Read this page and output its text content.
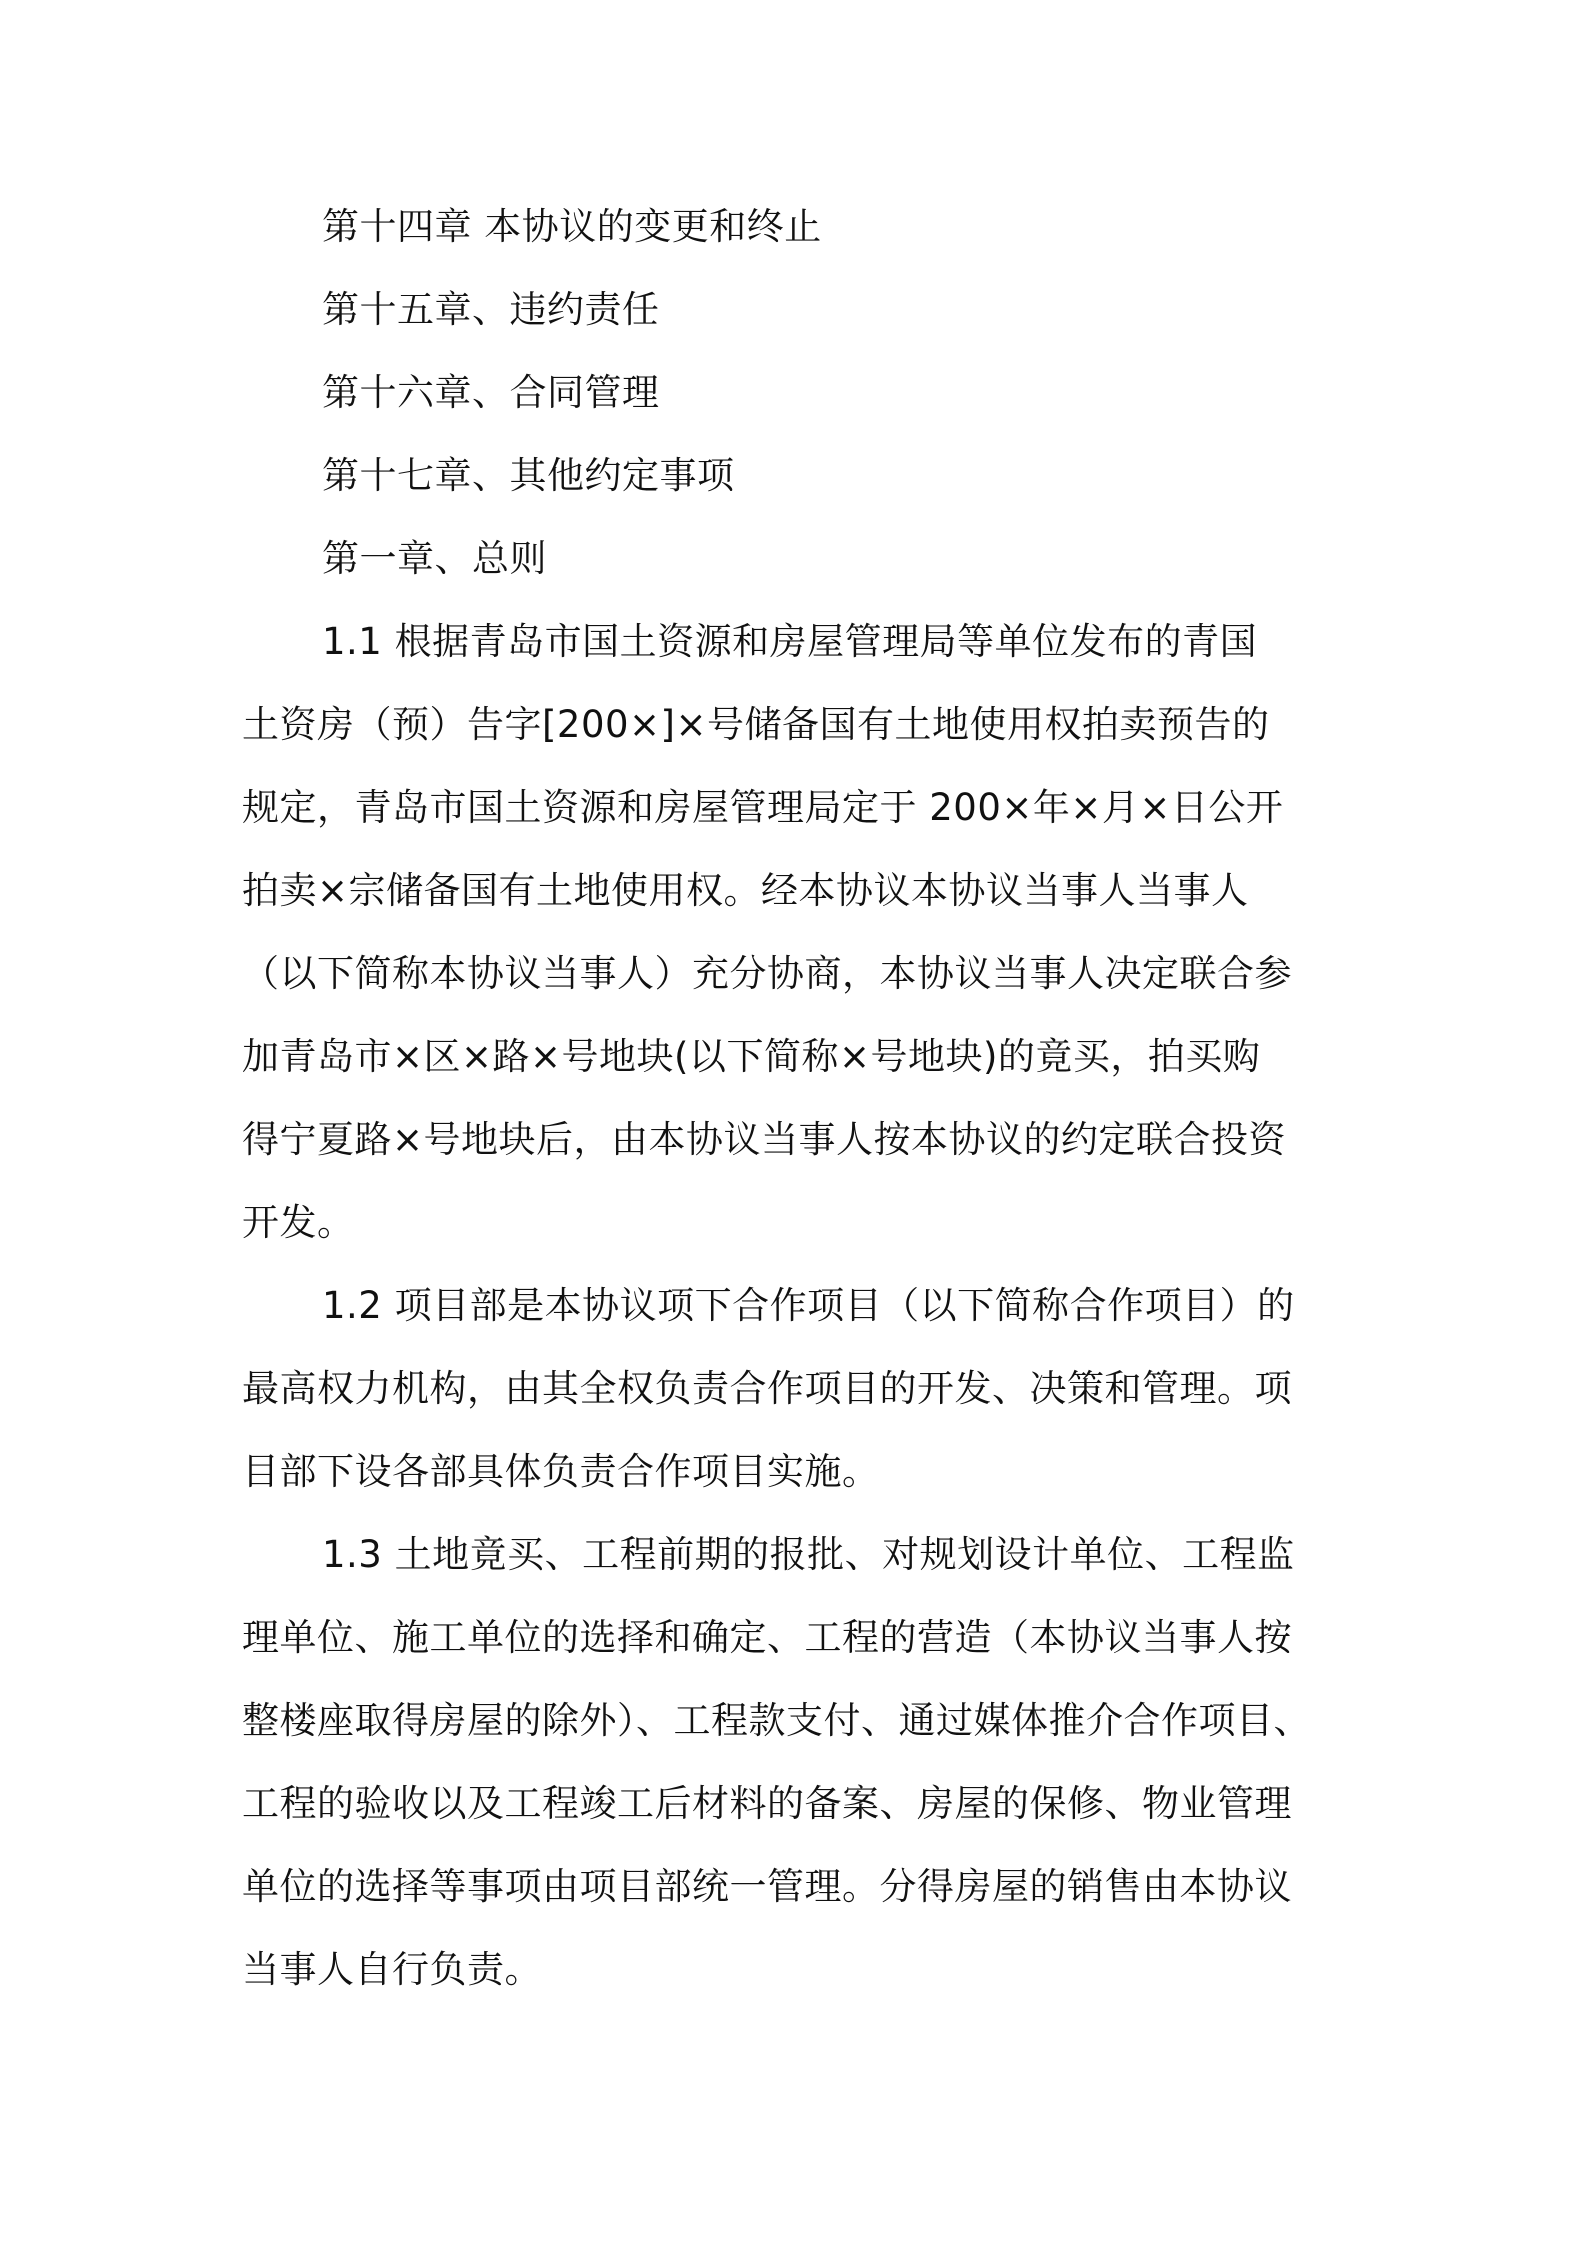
第十四章 本协议的变更和终止
第十五章、违约责任
第十六章、合同管理
第十七章、其他约定事项
第一章、总则
1.1 根据青岛市国土资源和房屋管理局等单位发布的青国
土资房（预）告字[200×]×号储备国有土地使用权拍卖预告的
规定，青岛市国土资源和房屋管理局定于 200×年×月×日公开
拍卖×宗储备国有土地使用权。经本协议本协议当事人当事人
（以下简称本协议当事人）充分协商，本协议当事人决定联合参
加青岛市×区×路×号地块(以下简称×号地块)的竟买，拍买购
得宁夏路×号地块后，由本协议当事人按本协议的约定联合投资
开发。
1.2 项目部是本协议项下合作项目（以下简称合作项目）的
最高权力机构，由其全权负责合作项目的开发、决策和管理。项
目部下设各部具体负责合作项目实施。
1.3 土地竟买、工程前期的报批、对规划设计单位、工程监
理单位、施工单位的选择和确定、工程的营造（本协议当事人按
整楼座取得房屋的除外）、工程款支付、通过媒体推介合作项目、
工程的验收以及工程竣工后材料的备案、房屋的保修、物业管理
单位的选择等事项由项目部统一管理。分得房屋的销售由本协议
当事人自行负责。
